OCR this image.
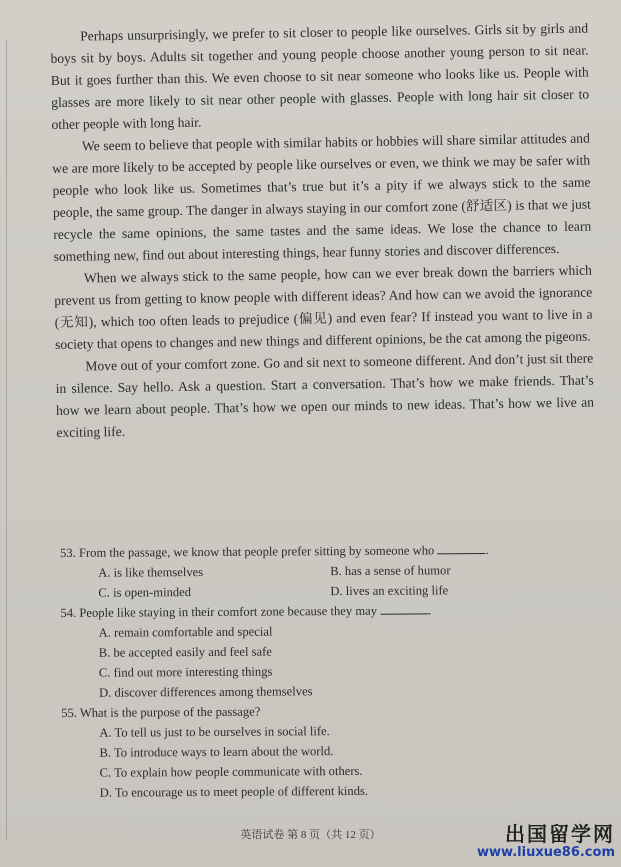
Perhaps unsurprisingly, we prefer to sit closer to people like ourselves. Girls sit by girls and boys sit by boys. Adults sit together and young people choose another young person to sit near. But it goes further than this. We even choose to sit near someone who looks like us. People with glasses are more likely to sit near other people with glasses. People with long hair sit closer to other people with long hair.

We seem to believe that people with similar habits or hobbies will share similar attitudes and we are more likely to be accepted by people like ourselves or even, we think we may be safer with people who look like us. Sometimes that’s true but it’s a pity if we always stick to the same people, the same group. The danger in always staying in our comfort zone (舒适区) is that we just recycle the same opinions, the same tastes and the same ideas. We lose the chance to learn something new, find out about interesting things, hear funny stories and discover differences.

When we always stick to the same people, how can we ever break down the barriers which prevent us from getting to know people with different ideas? And how can we avoid the ignorance (无知), which too often leads to prejudice (偏见) and even fear? If instead you want to live in a society that opens to changes and new things and different opinions, be the cat among the pigeons.

Move out of your comfort zone. Go and sit next to someone different. And don’t just sit there in silence. Say hello. Ask a question. Start a conversation. That’s how we make friends. That’s how we learn about people. That’s how we open our minds to new ideas. That’s how we live an exciting life.

53. From the passage, we know that people prefer sitting by someone who	.

A. is like themselves	B. has a sense of humor
C. is open-minded	D. lives an exciting life

54. People like staying in their comfort zone because they may	.

A. remain comfortable and special
B. be accepted easily and feel safe
C. find out more interesting things
D. discover differences among themselves

55. What is the purpose of the passage?

A. To tell us just to be ourselves in social life.
B. To introduce ways to learn about the world.
C. To explain how people communicate with others.
D. To encourage us to meet people of different kinds.
英语试卷 第 8 页（共 12 页）	出国留学网
www.liuxue86.com
